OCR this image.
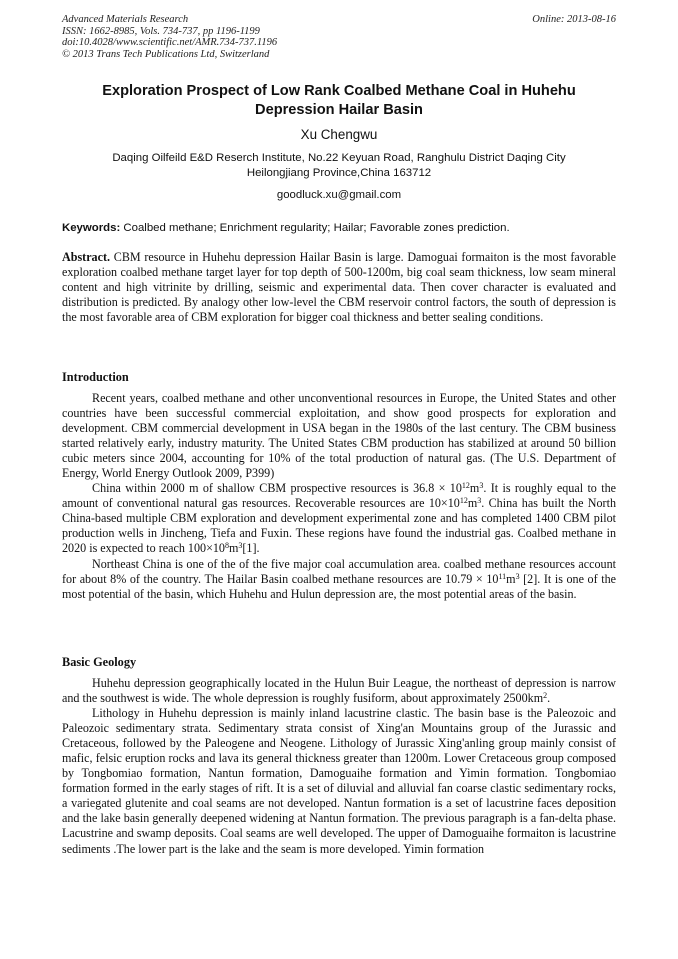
Advanced Materials Research
ISSN: 1662-8985, Vols. 734-737, pp 1196-1199
doi:10.4028/www.scientific.net/AMR.734-737.1196
© 2013 Trans Tech Publications Ltd, Switzerland
Online: 2013-08-16
Exploration Prospect of Low Rank Coalbed Methane Coal in Huhehu
Depression Hailar Basin
Xu Chengwu
Daqing Oilfeild E&D Reserch Institute, No.22 Keyuan Road, Ranghulu District Daqing City
Heilongjiang Province,China 163712
goodluck.xu@gmail.com
Keywords: Coalbed methane; Enrichment regularity; Hailar; Favorable zones prediction.
Abstract. CBM resource in Huhehu depression Hailar Basin is large. Damoguai formaiton is the most favorable exploration coalbed methane target layer for top depth of 500-1200m, big coal seam thickness, low seam mineral content and high vitrinite by drilling, seismic and experimental data. Then cover character is evaluated and distribution is predicted. By analogy other low-level the CBM reservoir control factors, the south of depression is the most favorable area of CBM exploration for bigger coal thickness and better sealing conditions.
Introduction

Recent years, coalbed methane and other unconventional resources in Europe, the United States and other countries have been successful commercial exploitation, and show good prospects for exploration and development. CBM commercial development in USA began in the 1980s of the last century. The CBM business started relatively early, industry maturity. The United States CBM production has stabilized at around 50 billion cubic meters since 2004, accounting for 10% of the total production of natural gas. (The U.S. Department of Energy, World Energy Outlook 2009, P399)

China within 2000 m of shallow CBM prospective resources is $36.8 \times 10^{12}m^3$. It is roughly equal to the amount of conventional natural gas resources. Recoverable resources are $10\times 10^{12}m^3$. China has built the North China-based multiple CBM exploration and development experimental zone and has completed 1400 CBM pilot production wells in Jincheng, Tiefa and Fuxin. These regions have found the industrial gas. Coalbed methane in 2020 is expected to reach $100\times 10^8m^3[1]$.

Northeast China is one of the of the five major coal accumulation area. coalbed methane resources account for about 8% of the country. The Hailar Basin coalbed methane resources are $10.79 \times 10^{11}m^3$ [2]. It is one of the most potential of the basin, which Huhehu and Hulun depression are, the most potential areas of the basin.

Basic Geology

Huhehu depression geographically located in the Hulun Buir League, the northeast of depression is narrow and the southwest is wide. The whole depression is roughly fusiform, about approximately $2500km^2$.

Lithology in Huhehu depression is mainly inland lacustrine clastic. The basin base is the Paleozoic and Paleozoic sedimentary strata. Sedimentary strata consist of Xing'an Mountains group of the Jurassic and Cretaceous, followed by the Paleogene and Neogene. Lithology of Jurassic Xing'anling group mainly consist of mafic, felsic eruption rocks and lava its general thickness greater than 1200m. Lower Cretaceous group composed by Tongbomiao formation, Nantun formation, Damoguaihe formation and Yimin formation. Tongbomiao formation formed in the early stages of rift. It is a set of diluvial and alluvial fan coarse clastic sedimentary rocks, a variegated glutenite and coal seams are not developed. Nantun formation is a set of lacustrine faces deposition and the lake basin generally deepened widening at Nantun formation. The previous paragraph is a fan-delta phase. Lacustrine and swamp deposits. Coal seams are well developed. The upper of Damoguaihe formaiton is lacustrine sediments .The lower part is the lake and the seam is more developed. Yimin formation
